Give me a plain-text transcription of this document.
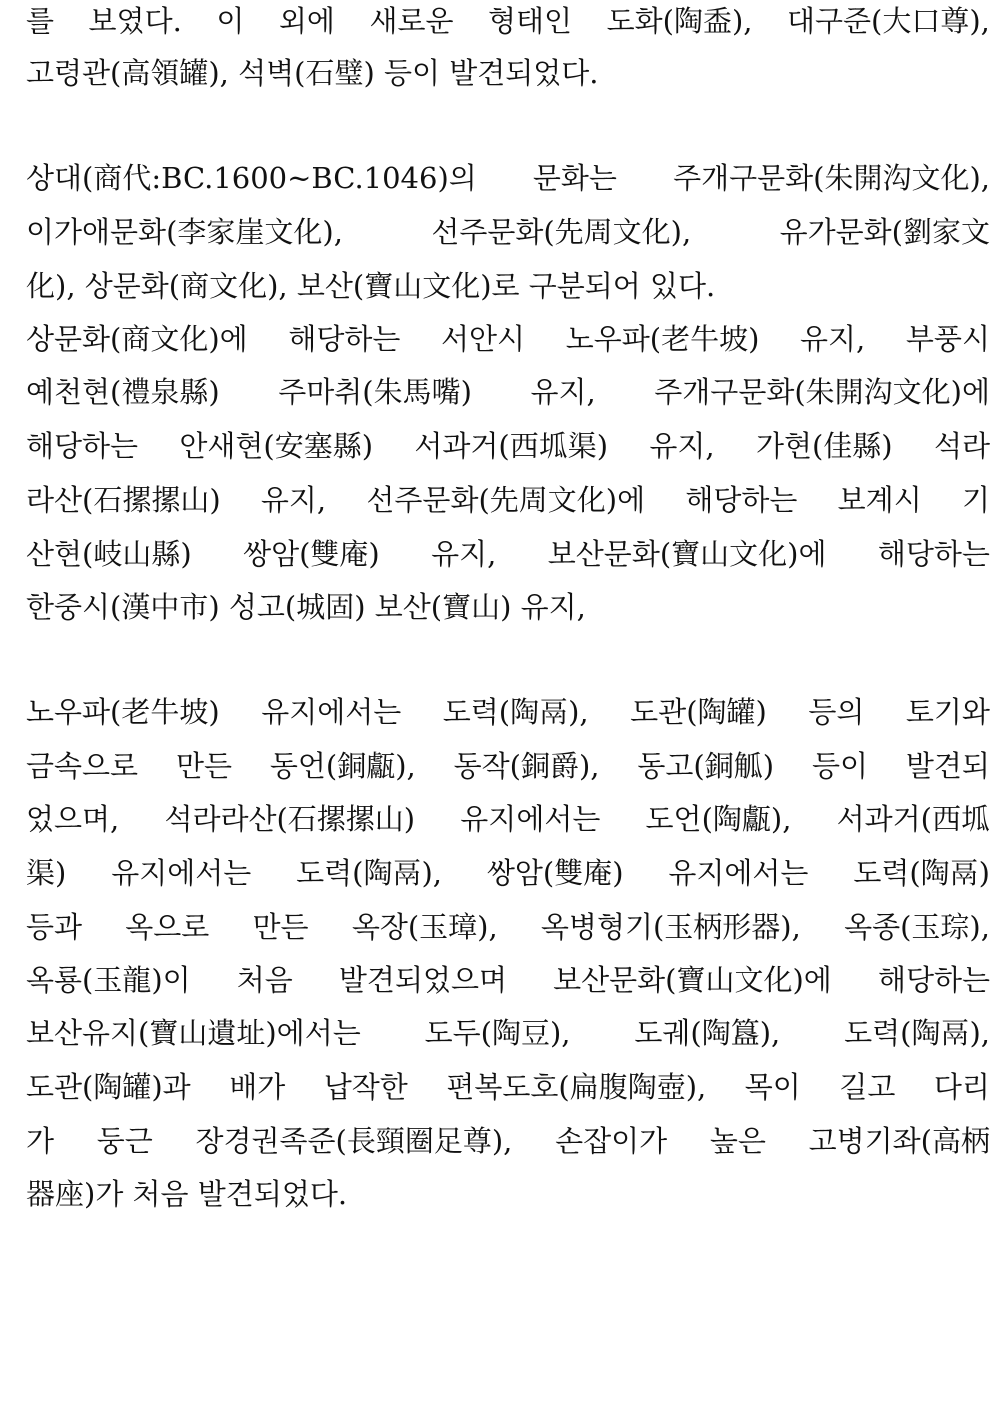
를 보였다. 이 외에 새로운 형태인 도화(陶盉), 대구준(大口尊),
고령관(高領罐), 석벽(石璧) 등이 발견되었다.
상대(商代:BC.1600~BC.1046)의 문화는 주개구문화(朱開沟文化),
이가애문화(李家崖文化),	선주문화(先周文化),	유가문화(劉家文
化), 상문화(商文化), 보산(寶山文化)로 구분되어 있다.
상문화(商文化)에 해당하는 서안시 노우파(老牛坡) 유지, 부풍시
예천현(禮泉縣) 주마취(朱馬嘴) 유지, 주개구문화(朱開沟文化)에
해당하는 안새현(安塞縣) 서과거(西坬渠) 유지, 가현(佳縣) 석라
라산(石摞摞山) 유지, 선주문화(先周文化)에 해당하는 보계시 기
산현(岐山縣) 쌍암(雙庵) 유지, 보산문화(寶山文化)에 해당하는
한중시(漢中市) 성고(城固) 보산(寶山) 유지,
노우파(老牛坡) 유지에서는 도력(陶鬲), 도관(陶罐) 등의 토기와
금속으로 만든 동언(銅甗), 동작(銅爵), 동고(銅觚) 등이 발견되
었으며, 석라라산(石摞摞山) 유지에서는 도언(陶甗), 서과거(西坬
渠) 유지에서는 도력(陶鬲), 쌍암(雙庵) 유지에서는 도력(陶鬲)
등과 옥으로 만든 옥장(玉璋), 옥병형기(玉柄形器), 옥종(玉琮),
옥룡(玉龍)이 처음 발견되었으며 보산문화(寶山文化)에 해당하는
보산유지(寶山遺址)에서는 도두(陶豆), 도궤(陶簋), 도력(陶鬲),
도관(陶罐)과 배가 납작한 편복도호(扁腹陶壺), 목이 길고 다리
가 둥근 장경권족준(長頸圈足尊), 손잡이가 높은 고병기좌(高柄
器座)가 처음 발견되었다.
